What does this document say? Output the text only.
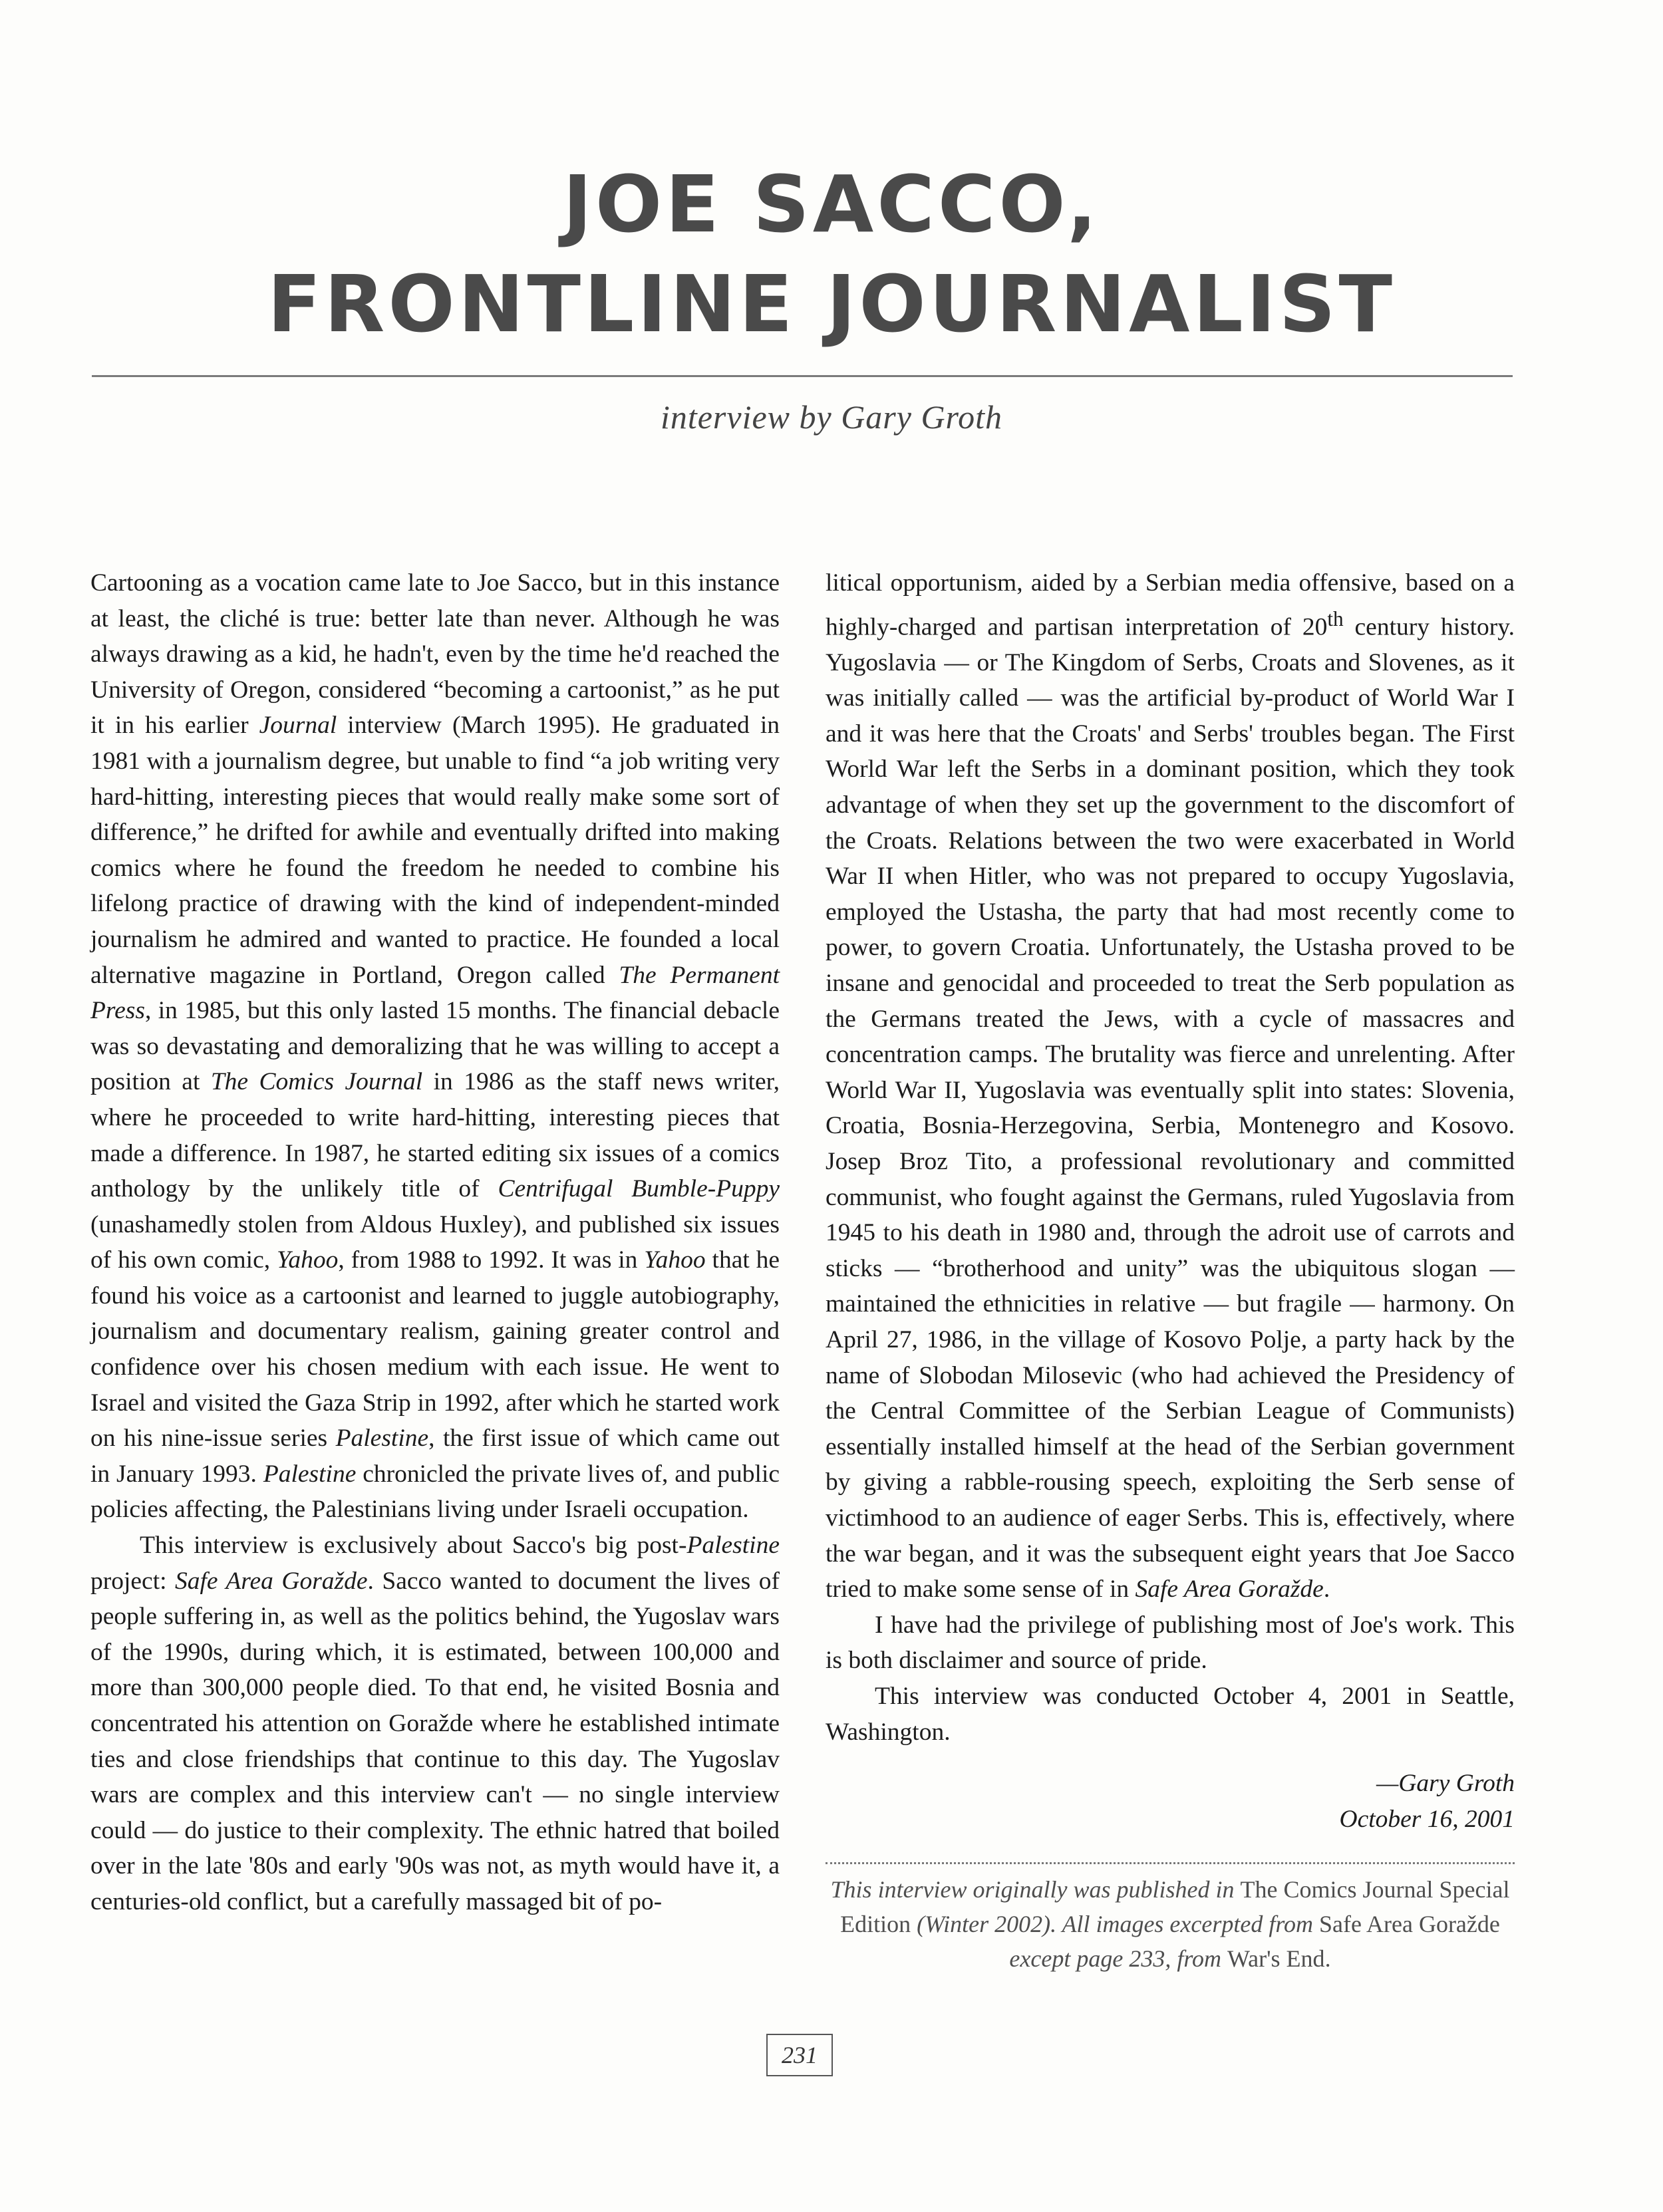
JOE SACCO,
FRONTLINE JOURNALIST
interview by Gary Groth

Cartooning as a vocation came late to Joe Sacco, but in this instance at least, the cliché is true: better late than never. Although he was always drawing as a kid, he hadn't, even by the time he'd reached the University of Oregon, considered “becoming a cartoonist,” as he put it in his earlier Journal interview (March 1995). He graduated in 1981 with a journalism degree, but unable to find “a job writing very hard-hitting, interesting pieces that would really make some sort of difference,” he drifted for awhile and eventually drifted into making comics where he found the freedom he needed to combine his lifelong practice of drawing with the kind of independent-minded journalism he admired and wanted to practice. He founded a local alternative magazine in Portland, Oregon called The Permanent Press, in 1985, but this only lasted 15 months. The financial debacle was so devastating and demoralizing that he was willing to accept a position at The Comics Journal in 1986 as the staff news writer, where he proceeded to write hard-hitting, interesting pieces that made a difference. In 1987, he started editing six issues of a comics anthology by the unlikely title of Centrifugal Bumble-Puppy (unashamedly stolen from Aldous Huxley), and published six issues of his own comic, Yahoo, from 1988 to 1992. It was in Yahoo that he found his voice as a cartoonist and learned to juggle autobiography, journalism and documentary realism, gaining greater control and confidence over his chosen medium with each issue. He went to Israel and visited the Gaza Strip in 1992, after which he started work on his nine-issue series Palestine, the first issue of which came out in January 1993. Palestine chronicled the private lives of, and public policies affecting, the Palestinians living under Israeli occupation.

This interview is exclusively about Sacco's big post-Palestine project: Safe Area Goražde. Sacco wanted to document the lives of people suffering in, as well as the politics behind, the Yugoslav wars of the 1990s, during which, it is estimated, between 100,000 and more than 300,000 people died. To that end, he visited Bosnia and concentrated his attention on Goražde where he established intimate ties and close friendships that continue to this day. The Yugoslav wars are complex and this interview can't — no single interview could — do justice to their complexity. The ethnic hatred that boiled over in the late '80s and early '90s was not, as myth would have it, a centuries-old conflict, but a carefully massaged bit of po-

litical opportunism, aided by a Serbian media offensive, based on a highly-charged and partisan interpretation of 20th century history. Yugoslavia — or The Kingdom of Serbs, Croats and Slovenes, as it was initially called — was the artificial by-product of World War I and it was here that the Croats' and Serbs' troubles began. The First World War left the Serbs in a dominant position, which they took advantage of when they set up the government to the discomfort of the Croats. Relations between the two were exacerbated in World War II when Hitler, who was not prepared to occupy Yugoslavia, employed the Ustasha, the party that had most recently come to power, to govern Croatia. Unfortunately, the Ustasha proved to be insane and genocidal and proceeded to treat the Serb population as the Germans treated the Jews, with a cycle of massacres and concentration camps. The brutality was fierce and unrelenting. After World War II, Yugoslavia was eventually split into states: Slovenia, Croatia, Bosnia-Herzegovina, Serbia, Montenegro and Kosovo. Josep Broz Tito, a professional revolutionary and committed communist, who fought against the Germans, ruled Yugoslavia from 1945 to his death in 1980 and, through the adroit use of carrots and sticks — “brotherhood and unity” was the ubiquitous slogan — maintained the ethnicities in relative — but fragile — harmony. On April 27, 1986, in the village of Kosovo Polje, a party hack by the name of Slobodan Milosevic (who had achieved the Presidency of the Central Committee of the Serbian League of Communists) essentially installed himself at the head of the Serbian government by giving a rabble-rousing speech, exploiting the Serb sense of victimhood to an audience of eager Serbs. This is, effectively, where the war began, and it was the subsequent eight years that Joe Sacco tried to make some sense of in Safe Area Goražde.

I have had the privilege of publishing most of Joe's work. This is both disclaimer and source of pride.

This interview was conducted October 4, 2001 in Seattle, Washington.

—Gary Groth

October 16, 2001

This interview originally was published in The Comics Journal Special Edition (Winter 2002). All images excerpted from Safe Area Goražde
except page 233, from War's End.
231
